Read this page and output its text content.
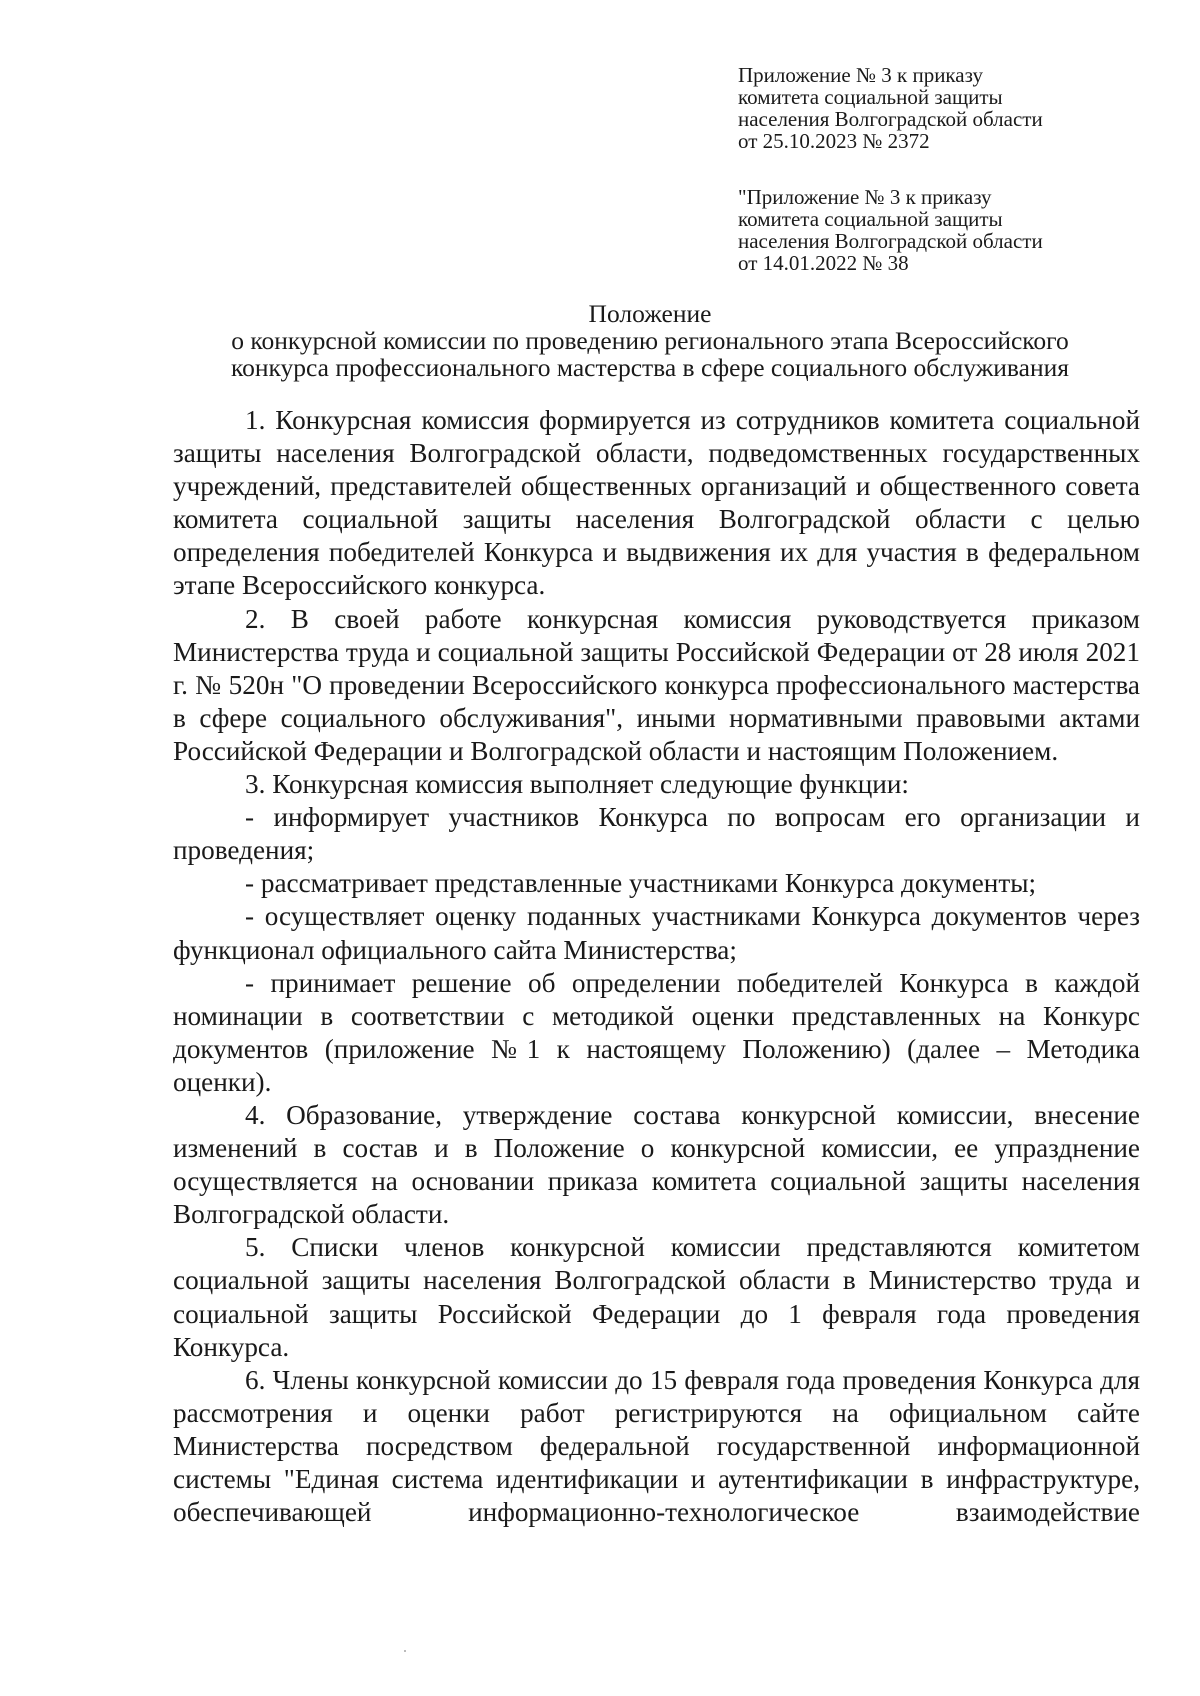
Приложение № 3 к приказу
комитета социальной защиты
населения Волгоградской области
от 25.10.2023 № 2372
"Приложение № 3 к приказу
комитета социальной защиты
населения Волгоградской области
от 14.01.2022 № 38
Положение
о конкурсной комиссии по проведению регионального этапа Всероссийского
конкурса профессионального мастерства в сфере социального обслуживания

1. Конкурсная комиссия формируется из сотрудников комитета социальной защиты населения Волгоградской области, подведомственных государственных учреждений, представителей общественных организаций и общественного совета комитета социальной защиты населения Волгоградской области с целью определения победителей Конкурса и выдвижения их для участия в федеральном этапе Всероссийского конкурса.

2. В своей работе конкурсная комиссия руководствуется приказом Министерства труда и социальной защиты Российской Федерации от 28 июля 2021 г. № 520н "О проведении Всероссийского конкурса профессионального мастерства в сфере социального обслуживания", иными нормативными правовыми актами Российской Федерации и Волгоградской области и настоящим Положением.

3. Конкурсная комиссия выполняет следующие функции:

- информирует участников Конкурса по вопросам его организации и проведения;

- рассматривает представленные участниками Конкурса документы;

- осуществляет оценку поданных участниками Конкурса документов через функционал официального сайта Министерства;

- принимает решение об определении победителей Конкурса в каждой номинации в соответствии с методикой оценки представленных на Конкурс документов (приложение №1 к настоящему Положению) (далее – Методика оценки).

4. Образование, утверждение состава конкурсной комиссии, внесение изменений в состав и в Положение о конкурсной комиссии, ее упразднение осуществляется на основании приказа комитета социальной защиты населения Волгоградской области.

5. Списки членов конкурсной комиссии представляются комитетом социальной защиты населения Волгоградской области в Министерство труда и социальной защиты Российской Федерации до 1 февраля года проведения Конкурса.

6. Члены конкурсной комиссии до 15 февраля года проведения Конкурса для рассмотрения и оценки работ регистрируются на официальном сайте Министерства посредством федеральной государственной информационной системы "Единая система идентификации и аутентификации в инфраструктуре, обеспечивающей информационно-технологическое взаимодействие
